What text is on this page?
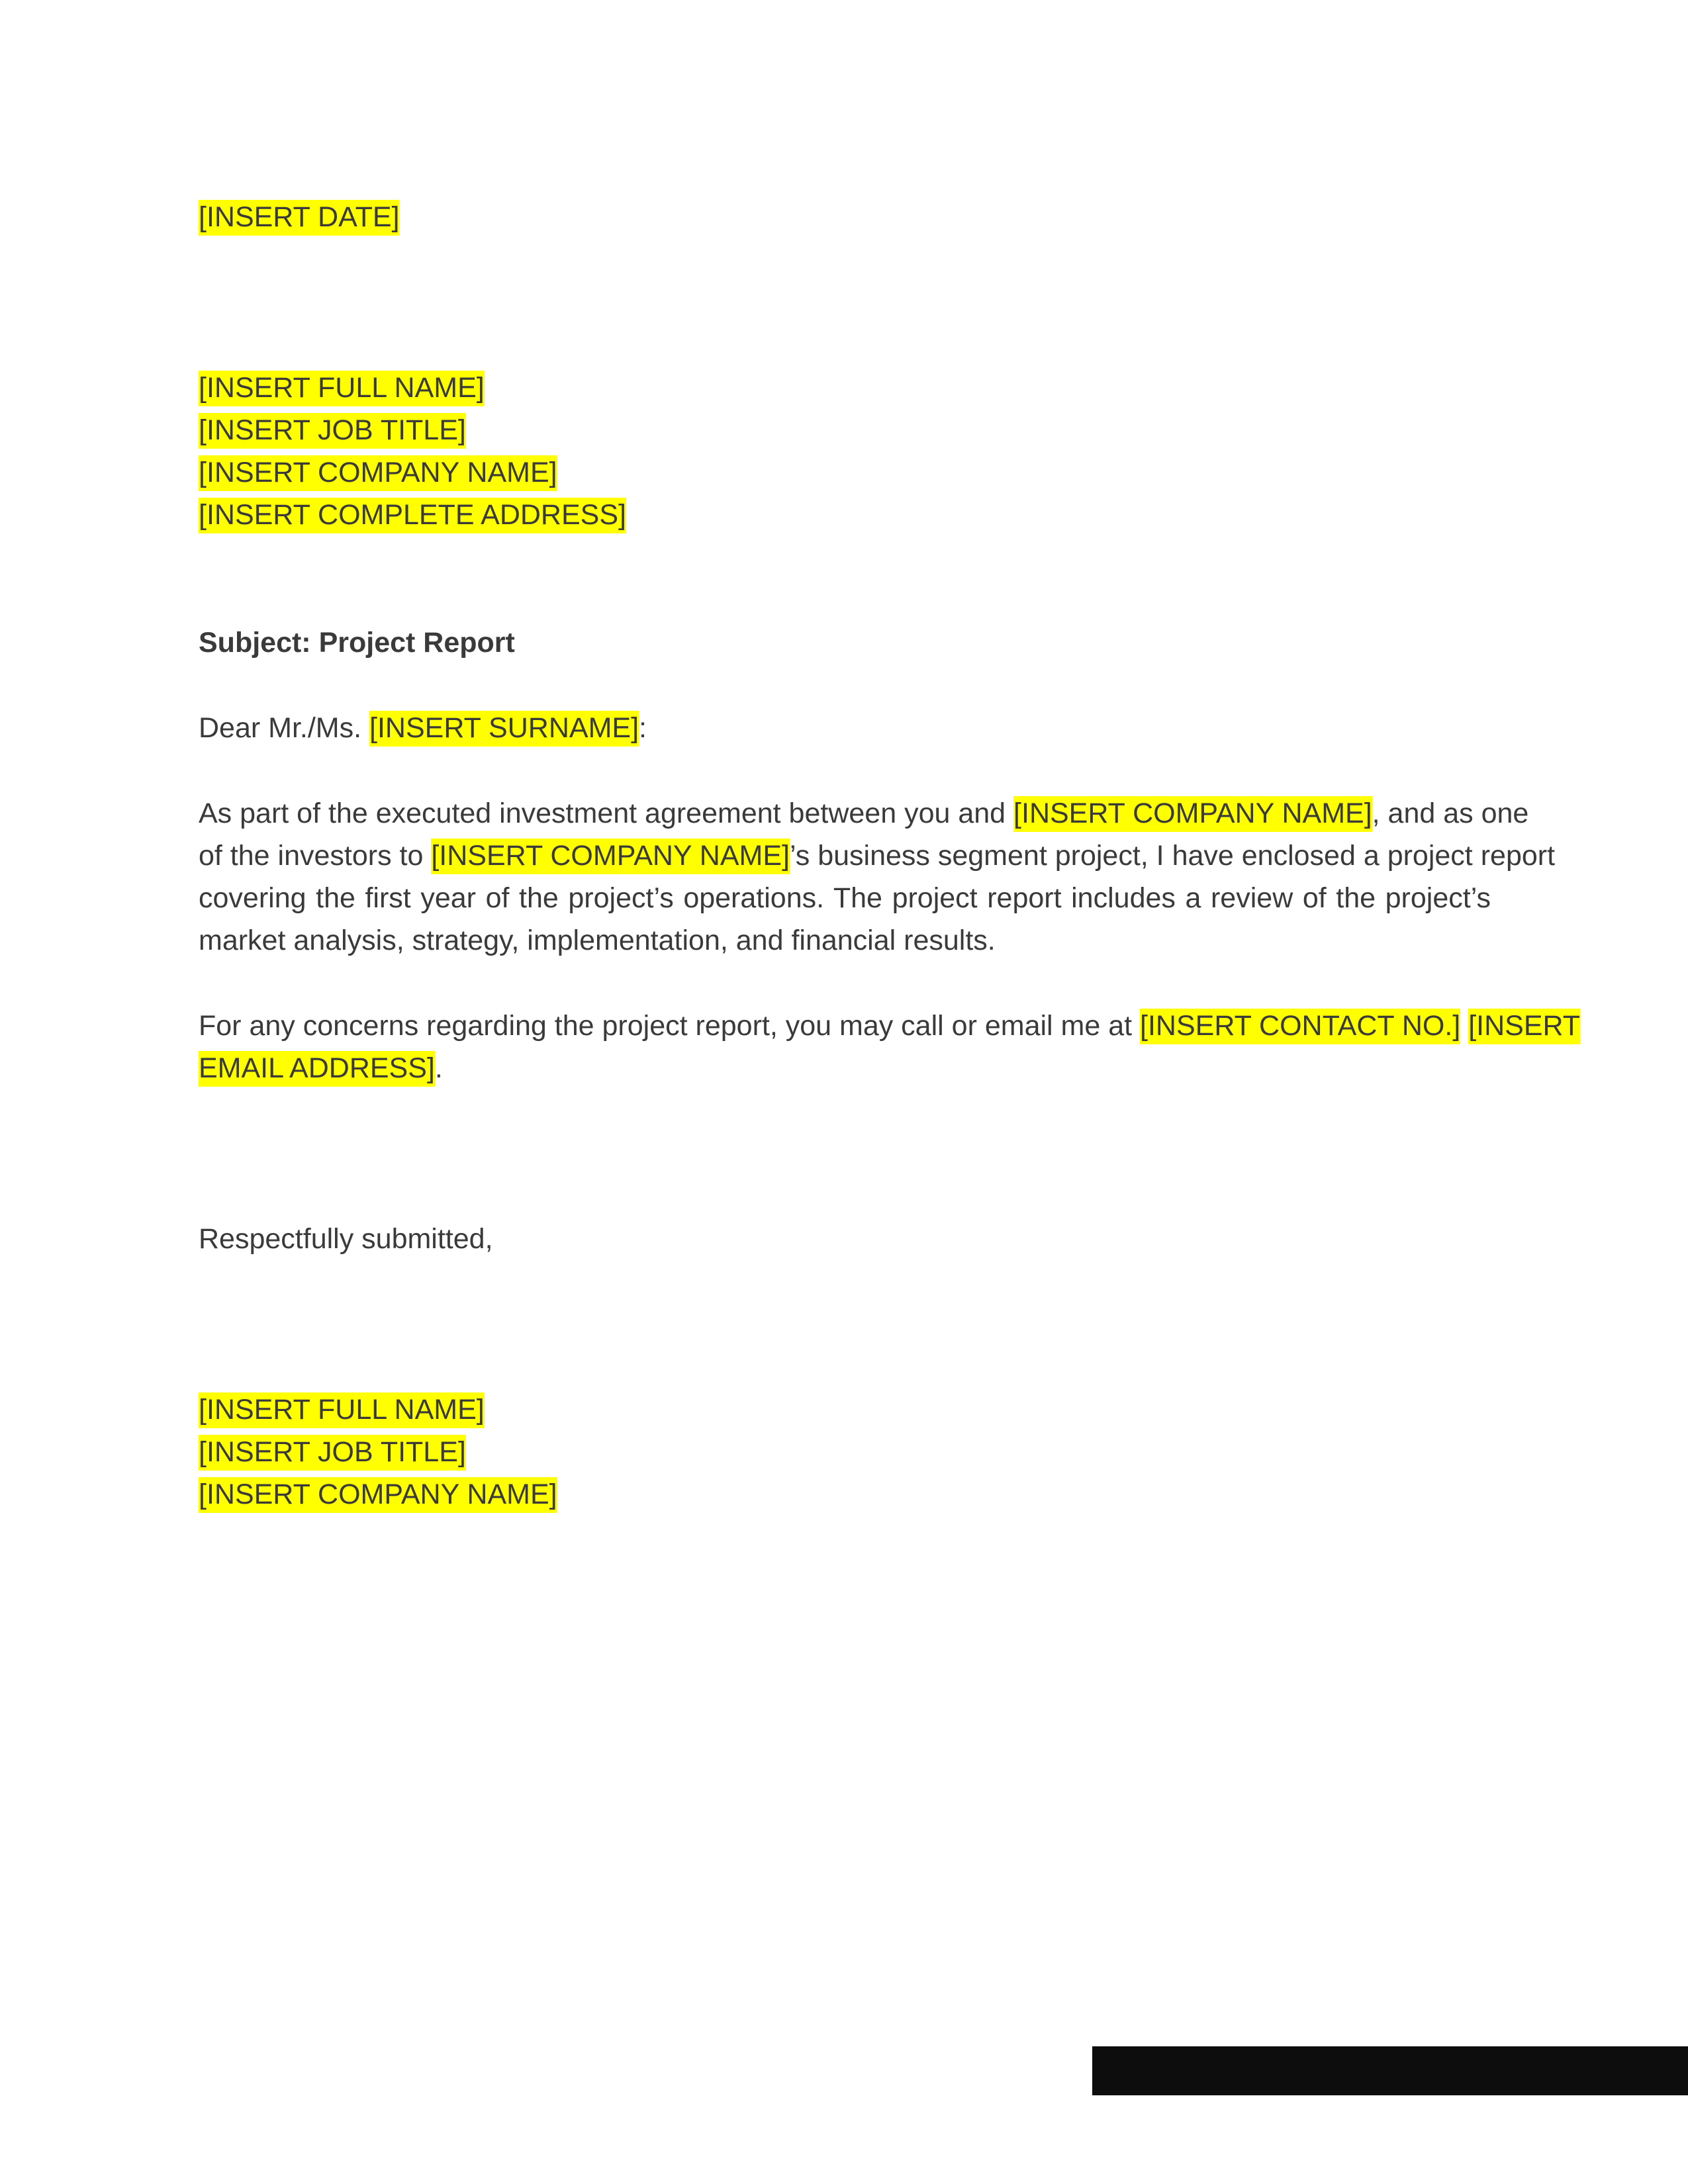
[INSERT DATE]
[INSERT FULL NAME]
[INSERT JOB TITLE]
[INSERT COMPANY NAME]
[INSERT COMPLETE ADDRESS]
Subject: Project Report
Dear Mr./Ms. [INSERT SURNAME]:
As part of the executed investment agreement between you and [INSERT COMPANY NAME], and as one
of the investors to [INSERT COMPANY NAME]’s business segment project, I have enclosed a project report
covering the first year of the project’s operations. The project report includes a review of the project’s
market analysis, strategy, implementation, and financial results.
For any concerns regarding the project report, you may call or email me at [INSERT CONTACT NO.] [INSERT
EMAIL ADDRESS].
Respectfully submitted,
[INSERT FULL NAME]
[INSERT JOB TITLE]
[INSERT COMPANY NAME]
